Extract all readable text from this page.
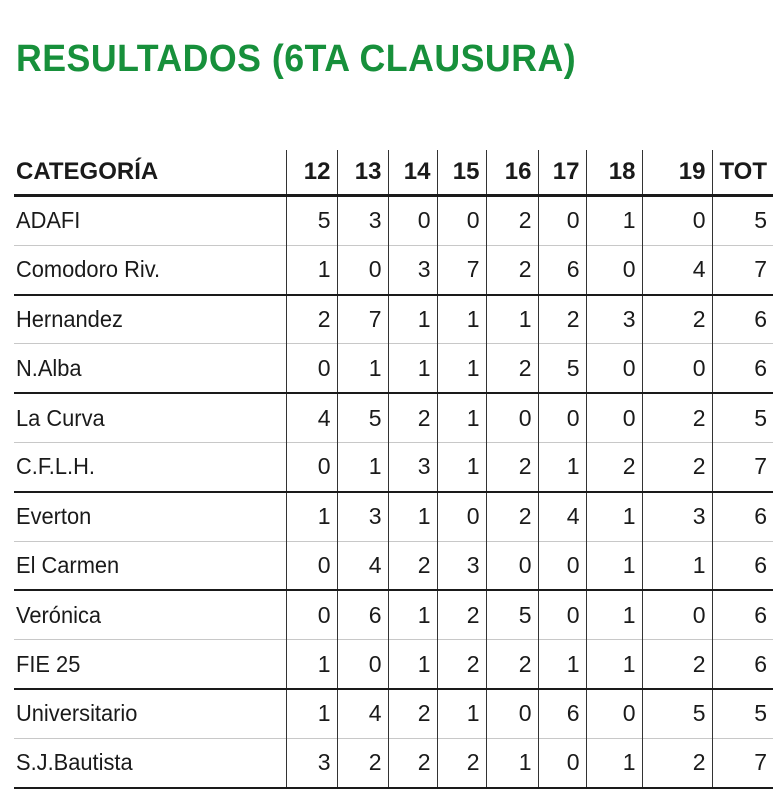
RESULTADOS (6TA CLAUSURA)
CATEGORÍA	12	13	14	15	16	17	18	19	TOT
ADAFI	5	3	0	0	2	0	1	0	5
Comodoro Riv.	1	0	3	7	2	6	0	4	7
Hernandez	2	7	1	1	1	2	3	2	6
N.Alba	0	1	1	1	2	5	0	0	6
La Curva	4	5	2	1	0	0	0	2	5
C.F.L.H.	0	1	3	1	2	1	2	2	7
Everton	1	3	1	0	2	4	1	3	6
El Carmen	0	4	2	3	0	0	1	1	6
Verónica	0	6	1	2	5	0	1	0	6
FIE 25	1	0	1	2	2	1	1	2	6
Universitario	1	4	2	1	0	6	0	5	5
S.J.Bautista	3	2	2	2	1	0	1	2	7
